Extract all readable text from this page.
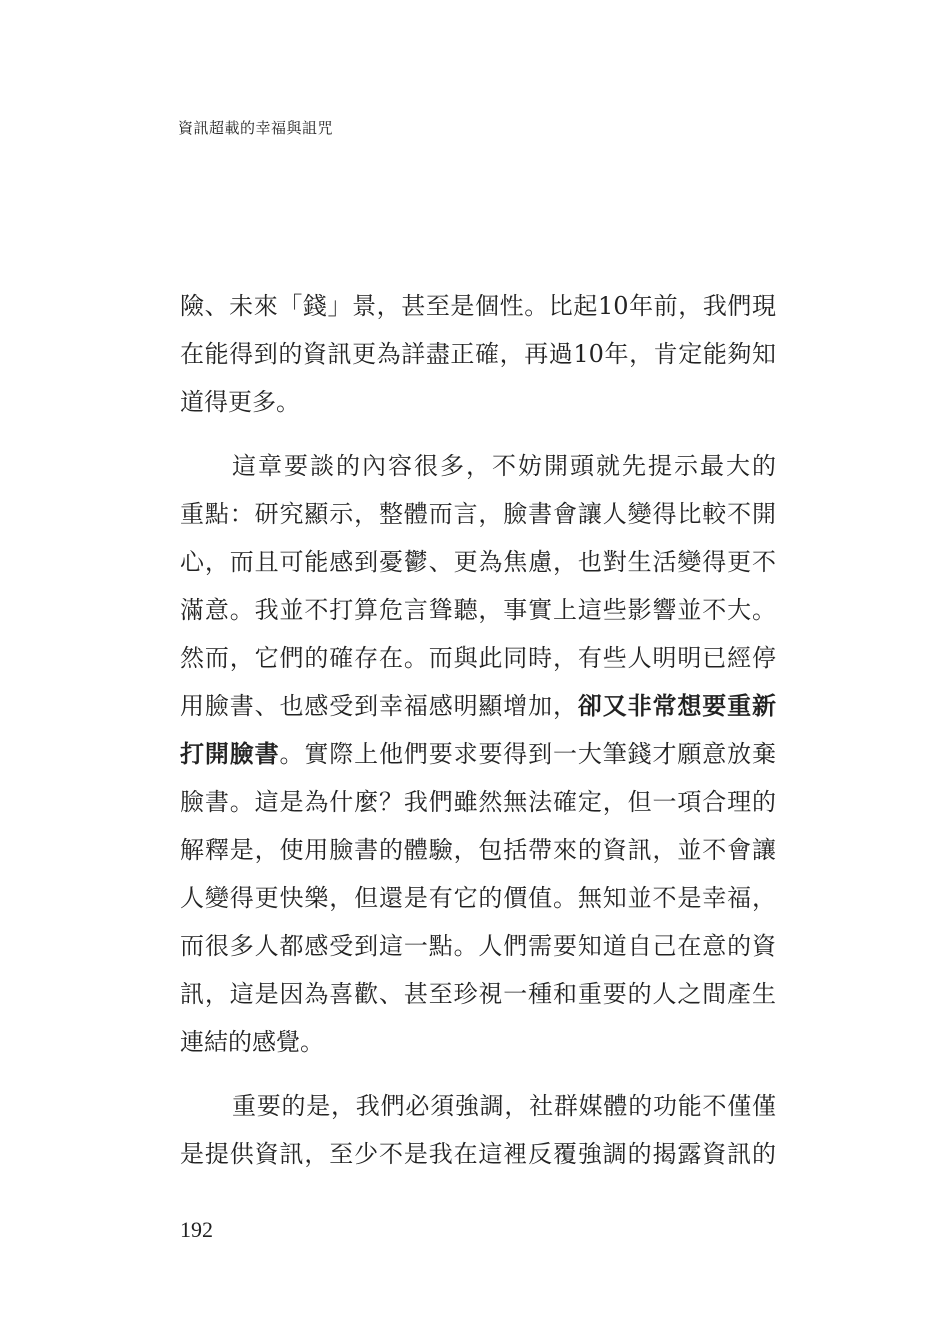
資訊超載的幸福與詛咒
險、未來「錢」景，甚至是個性。比起10年前，我們現
在能得到的資訊更為詳盡正確，再過10年，肯定能夠知
道得更多。
這章要談的內容很多，不妨開頭就先提示最大的
重點：研究顯示，整體而言，臉書會讓人變得比較不開
心，而且可能感到憂鬱、更為焦慮，也對生活變得更不
滿意。我並不打算危言聳聽，事實上這些影響並不大。
然而，它們的確存在。而與此同時，有些人明明已經停
用臉書、也感受到幸福感明顯增加，卻又非常想要重新
打開臉書。實際上他們要求要得到一大筆錢才願意放棄
臉書。這是為什麼？我們雖然無法確定，但一項合理的
解釋是，使用臉書的體驗，包括帶來的資訊，並不會讓
人變得更快樂，但還是有它的價值。無知並不是幸福，
而很多人都感受到這一點。人們需要知道自己在意的資
訊，這是因為喜歡、甚至珍視一種和重要的人之間產生
連結的感覺。
重要的是，我們必須強調，社群媒體的功能不僅僅
是提供資訊，至少不是我在這裡反覆強調的揭露資訊的
192
